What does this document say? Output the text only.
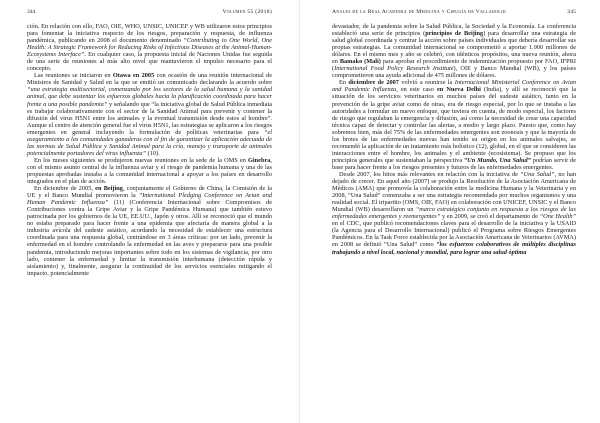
344	Volumen 55 (2018)

ción. En relación con ello, FAO, OIE, WHO, UNSIC, UNICEF y WB utilizaron estos principios para fomentar la iniciativa respecto de los riesgos, preparación y respuesta, de influenza pandémica, publicando en 2008 el documento denominado “Contributing to One World, One Health: A Strategic Framework for Reducing Risks of Infectious Diseases at the Animal-Human-Ecosystems Interface”. En cualquier caso, la propuesta inicial de Naciones Unidas fue seguida de una serie de reuniones al más alto nivel que mantuvieron el impulso necesario para el concepto.

Las reuniones se iniciaron en Otawa en 2005 con ocasión de una reunión internacional de Ministros de Sanidad y Salud en la que se emitió un comunicado declarando la acuerdo sobre “una estrategia multisectorial, comenzando por los sectores de la salud humana y la sanidad animal, que debe sustentar los esfuerzos globales hacia la planificación coordinada para hacer frente a una posible pandemia” y señalando que “la iniciativa global de Salud Pública inmediata es trabajar colaborativamente con el sector de la Sanidad Animal para prevenir y contener la difusión del virus H5N1 entre los animales y la eventual transmisión desde estos al hombre”. Aunque el centro de atención general fue el virus H5N1, las estrategias se aplicaron a los riesgos emergentes en general incluyendo la formulación de políticas veterinarias para “el aseguramiento a las comunidades ganaderas con el fin de garantizar la aplicación adecuada de las normas de Salud Pública y Sanidad Animal para la cría, manejo y transporte de animales potencialmente portadores del virus influenza” (10).

En los meses siguientes se produjeron nuevas reuniones en la sede de la OMS en Ginebra, con el mismo asunto central de la influenza aviar y el riesgo de pandemia humana y una de las propuestas aprobadas instaba a la comunidad internacional a apoyar a los países en desarrollo integrados en el plan de acción.

En diciembre de 2005, en Beijing, conjuntamente el Gobierno de China, la Comisión de la UE y el Banco Mundial promovieron la “International Pledging Conference on Avian and Human Pandemic Influenza” (11) (Conferencia Internacional sobre Compromisos de Contribuciones contra la Gripe Aviar y la Gripe Pandémica Humana) que también estuvo patrocinada por los gobiernos de la UE, EE.UU., Japón y otros. Allí se reconoció que el mundo no estaba preparado para hacer frente a una epidemia que afectaría de manera global a la industria avícola del sudeste asiático, acordando la necesidad de establecer una estructura coordinada para una respuesta global, centrándose en 3 áreas críticas: por un lado, prevenir la enfermedad en el hombre controlando la enfermedad en las aves y prepararse para una posible pandemia, introduciendo mejoras importantes sobre todo en los sistemas de vigilancia, por otro lado, contener la enfermedad y limitar la transmisión interhumana (detección rápida y aislamiento) y, finalmente, asegurar la continuidad de los servicios esenciales mitigando el impacto, potencialmente

Anales de la Real Academia de Medicina y Cirugía de Valladolid	345

devastador, de la pandemia sobre la Salud Pública, la Sociedad y la Economía. La conferencia estableció una serie de principios (principios de Beijing) para desarrollar una estrategia de salud global coordinada y centrar la acción sobre países individuales que debería desarrollar sus propias estrategias. La comunidad internacional se comprometió a aportar 1.900 millones de dólares. En el mismo mes y año se celebró, con idénticos propósitos, una nueva reunión, ahora en Bamako (Malí) para aprobar el procedimiento de indemnización propuesto por FAO, IFPRI (International Food Policy Research Institute), OIE y Banco Mundial (WB), y los países comprometieron una ayuda adicional de 475 millones de dólares.

En diciembre de 2007 volvió a reunirse la Internacional Ministerial Conference on Avian and Pandemic Influenza, en este caso en Nueva Delhi (India), y allí se reconoció que la situación de los servicios veterinarios en muchos países del sudeste asiático, tanto en la prevención de la gripe aviar como de otras, era de riesgo especial, por lo que se instaba a las autoridades a formular un nuevo enfoque, que tuviera en cuenta, de modo especial, los factores de riesgo que regulaban la emergencia y difusión, así como la necesidad de crear una capacidad técnica capaz de detectar y controlar las alertas, a medio y largo plazo. Puesto que, como hay sobremos bien, más del 75% de las enfermedades emergentes son zoonosis y que la mayoría de los brotes de las enfermedades nuevas han tenido su origen en los animales salvajes, se recomendó la aplicación de un tratamiento más holístico (12), global, en el que se consideren las interacciones entre el hombre, los animales y el ambiente (ecosistema). Se propuso que los principios generales que sustentaban la perspectiva “Un Mundo, Una Salud” podrían servir de base para hacer frente a los riesgos presentes y futuros de las enfermedades emergentes.

Desde 2007, los hitos más relevantes en relación con la iniciativa de “Una Salud”, no han dejado de crecer. En aquel año (2007) se produjo la Resolución de la Asociación Americana de Médicos (AMA) que promovía la colaboración entre la medicina Humana y la Veterinaria y en 2008, “Una Salud” comenzaba a ser una estrategia recomendada por muchos organismos y una realidad social. El tripartito (OMS, OIE, FAO) en colaboración con UNICEF, UNSIC y el Banco Mundial (WB) desarrollaron un “marco estratégico conjunto en respuesta a los riesgos de las enfermedades emergentes y reemergentes” y en 2009, se creó el departamento de “One Health” en el CDC, que publicó recomendaciones claves para el desarrollo de la iniciativa y la USAID (la Agencia para el Desarrollo Internacional) publicó el Programa sobre Riesgos Emergentes Pandémicos. En la Task Force establecida por la Asociación Americana de Veterinarios (AVMA) en 2008 se definió “Una Salud” como “los esfuerzos colaborativos de múltiples disciplinas trabajando a nivel local, nacional y mundial, para lograr una salud óptima
